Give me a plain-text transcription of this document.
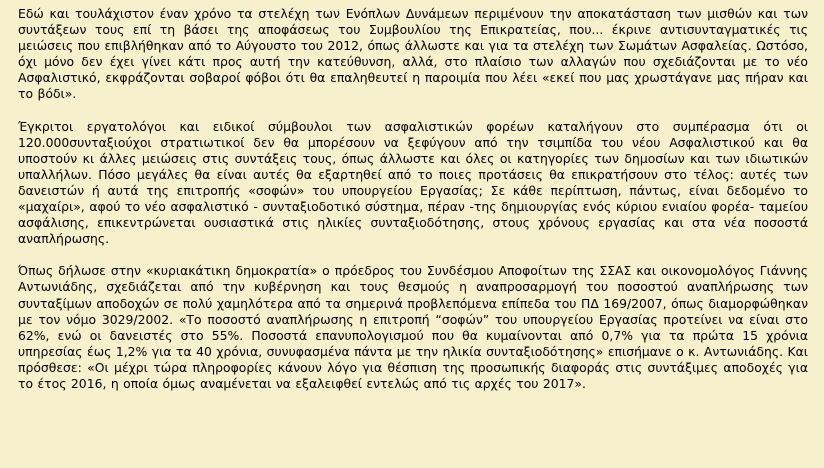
Εδώ και τουλάχιστον έναν χρόνο τα στελέχη των Ενόπλων Δυνάμεων περιμένουν την αποκατάσταση των μισθών και των συντάξεων τους επί τη βάσει της αποφάσεως του Συμβουλίου της Επικρατείας, που... έκρινε αντισυνταγματικές τις μειώσεις που επιβλήθηκαν από το Αύγουστο του 2012, όπως άλλωστε και για τα στελέχη των Σωμάτων Ασφαλείας. Ωστόσο, όχι μόνο δεν έχει γίνει κάτι προς αυτή την κατεύθυνση, αλλά, στο πλαίσιο των αλλαγών που σχεδιάζονται με το νέο Ασφαλιστικό, εκφράζονται σοβαροί φόβοι ότι θα επαληθευτεί η παροιμία που λέει «εκεί που μας χρωστάγανε μας πήραν και το βόδι».

Έγκριτοι εργατολόγοι και ειδικοί σύμβουλοι των ασφαλιστικών φορέων καταλήγουν στο συμπέρασμα ότι οι 120.000συνταξιούχοι στρατιωτικοί δεν θα μπορέσουν να ξεφύγουν από την τσιμπίδα του νέου Ασφαλιστικού και θα υποστούν κι άλλες μειώσεις στις συντάξεις τους, όπως άλλωστε και όλες οι κατηγορίες των δημοσίων και των ιδιωτικών υπαλλήλων. Πόσο μεγάλες θα είναι αυτές θα εξαρτηθεί από το ποιες προτάσεις θα επικρατήσουν στο τέλος: αυτές των δανειστών ή αυτά της επιτροπής «σοφών» του υπουργείου Εργασίας; Σε κάθε περίπτωση, πάντως, είναι δεδομένο το «μαχαίρι», αφού το νέο ασφαλιστικό - συνταξιοδοτικό σύστημα, πέραν -της δημιουργίας ενός κύριου ενιαίου φορέα- ταμείου ασφάλισης, επικεντρώνεται ουσιαστικά στις ηλικίες συνταξιοδότησης, στους χρόνους εργασίας και στα νέα ποσοστά αναπλήρωσης.

Όπως δήλωσε στην «κυριακάτικη δημοκρατία» ο πρόεδρος του Συνδέσμου Αποφοίτων της ΣΣΑΣ και οικονομολόγος Γιάννης Αντωνιάδης, σχεδιάζεται από την κυβέρνηση και τους θεσμούς η αναπροσαρμογή του ποσοστού αναπλήρωσης των συνταξίμων αποδοχών σε πολύ χαμηλότερα από τα σημερινά προβλεπόμενα επίπεδα του ΠΔ 169/2007, όπως διαμορφώθηκαν με τον νόμο 3029/2002. «Το ποσοστό αναπλήρωσης η επιτροπή “σοφών” του υπουργείου Εργασίας προτείνει να είναι στο 62%, ενώ οι δανειστές στο 55%. Ποσοστά επανυπολογισμού που θα κυμαίνονται από 0,7% για τα πρώτα 15 χρόνια υπηρεσίας έως 1,2% για τα 40 χρόνια, συνυφασμένα πάντα με την ηλικία συνταξιοδότησης» επισήμανε ο κ. Αντωνιάδης. Και πρόσθεσε: «Οι μέχρι τώρα πληροφορίες κάνουν λόγο για θέσπιση της προσωπικής διαφοράς στις συντάξιμες αποδοχές για το έτος 2016, η οποία όμως αναμένεται να εξαλειφθεί εντελώς από τις αρχές του 2017».
